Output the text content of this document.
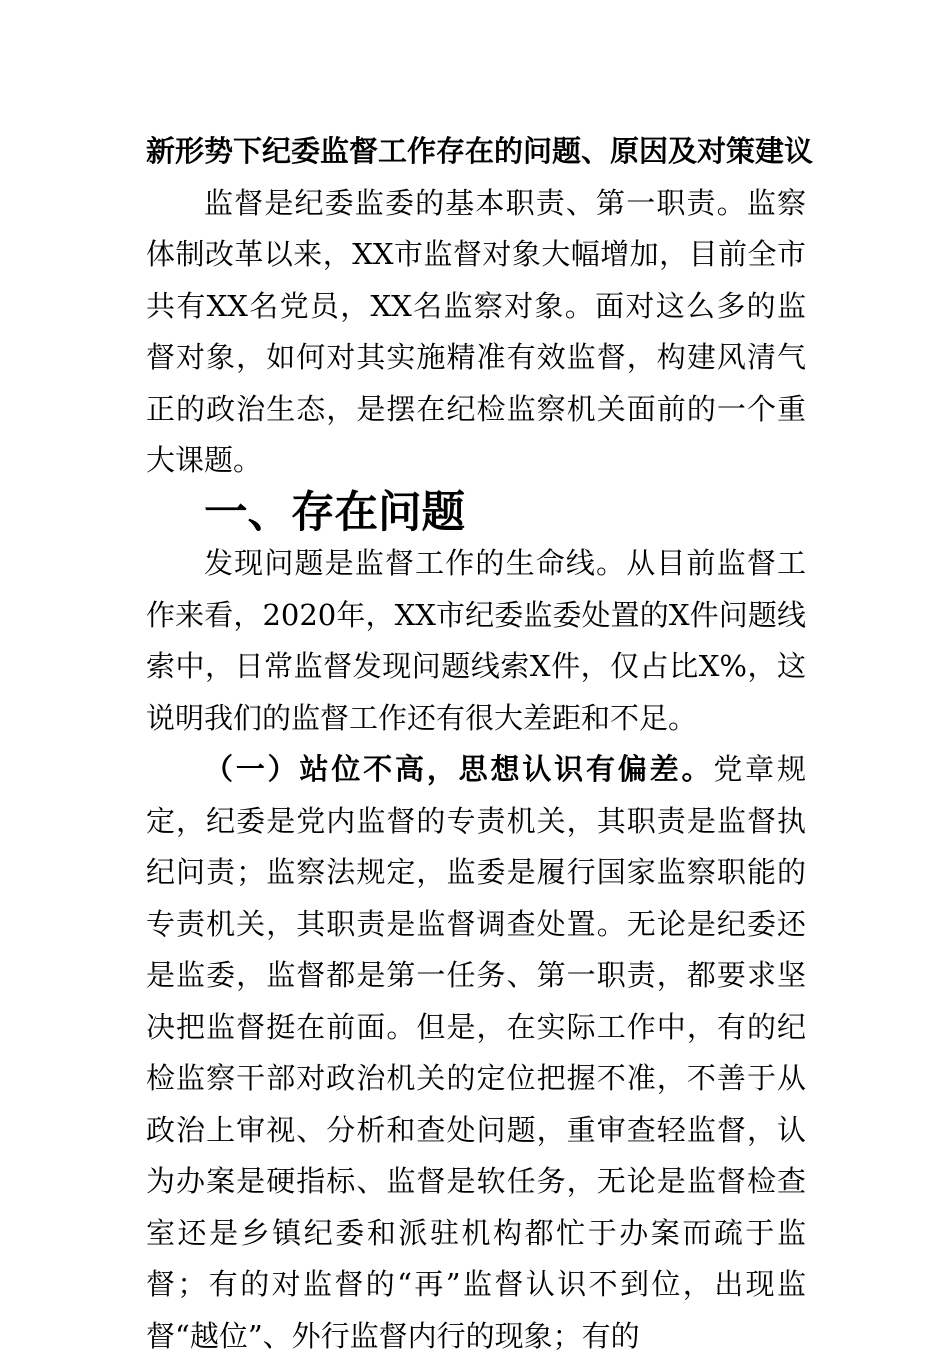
新形势下纪委监督工作存在的问题、原因及对策建议

监督是纪委监委的基本职责、第一职责。监察体制改革以来，XX市监督对象大幅增加，目前全市共有XX名党员，XX名监察对象。面对这么多的监督对象，如何对其实施精准有效监督，构建风清气正的政治生态，是摆在纪检监察机关面前的一个重大课题。

一、存在问题

发现问题是监督工作的生命线。从目前监督工作来看，2020年，XX市纪委监委处置的X件问题线索中，日常监督发现问题线索X件，仅占比X%，这说明我们的监督工作还有很大差距和不足。

（一）站位不高，思想认识有偏差。党章规定，纪委是党内监督的专责机关，其职责是监督执纪问责；监察法规定，监委是履行国家监察职能的专责机关，其职责是监督调查处置。无论是纪委还是监委，监督都是第一任务、第一职责，都要求坚决把监督挺在前面。但是，在实际工作中，有的纪检监察干部对政治机关的定位把握不准，不善于从政治上审视、分析和查处问题，重审查轻监督，认为办案是硬指标、监督是软任务，无论是监督检查室还是乡镇纪委和派驻机构都忙于办案而疏于监督；有的对监督的“再”监督认识不到位，出现监督“越位”、外行监督内行的现象；有的
